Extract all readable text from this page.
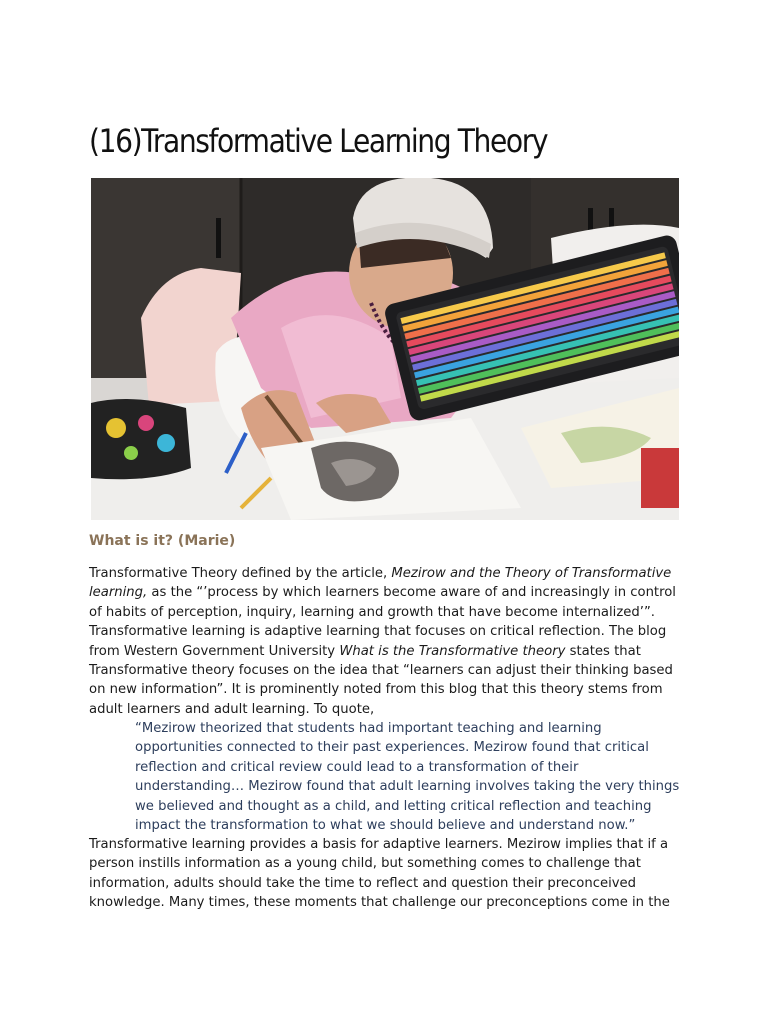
(16)Transformative Learning Theory
What is it? (Marie)

Transformative Theory defined by the article, Mezirow and the Theory of Transformative learning, as the “’process by which learners become aware of and increasingly in control of habits of perception, inquiry, learning and growth that have become internalized’”. Transformative learning is adaptive learning that focuses on critical reflection. The blog from Western Government University What is the Transformative theory states that Transformative theory focuses on the idea that “learners can adjust their thinking based on new information”. It is prominently noted from this blog that this theory stems from adult learners and adult learning. To quote,

“Mezirow theorized that students had important teaching and learning opportunities connected to their past experiences. Mezirow found that critical reflection and critical review could lead to a transformation of their understanding… Mezirow found that adult learning involves taking the very things we believed and thought as a child, and letting critical reflection and teaching impact the transformation to what we should believe and understand now.”

Transformative learning provides a basis for adaptive learners. Mezirow implies that if a person instills information as a young child, but something comes to challenge that information, adults should take the time to reflect and question their preconceived knowledge. Many times, these moments that challenge our preconceptions come in the
